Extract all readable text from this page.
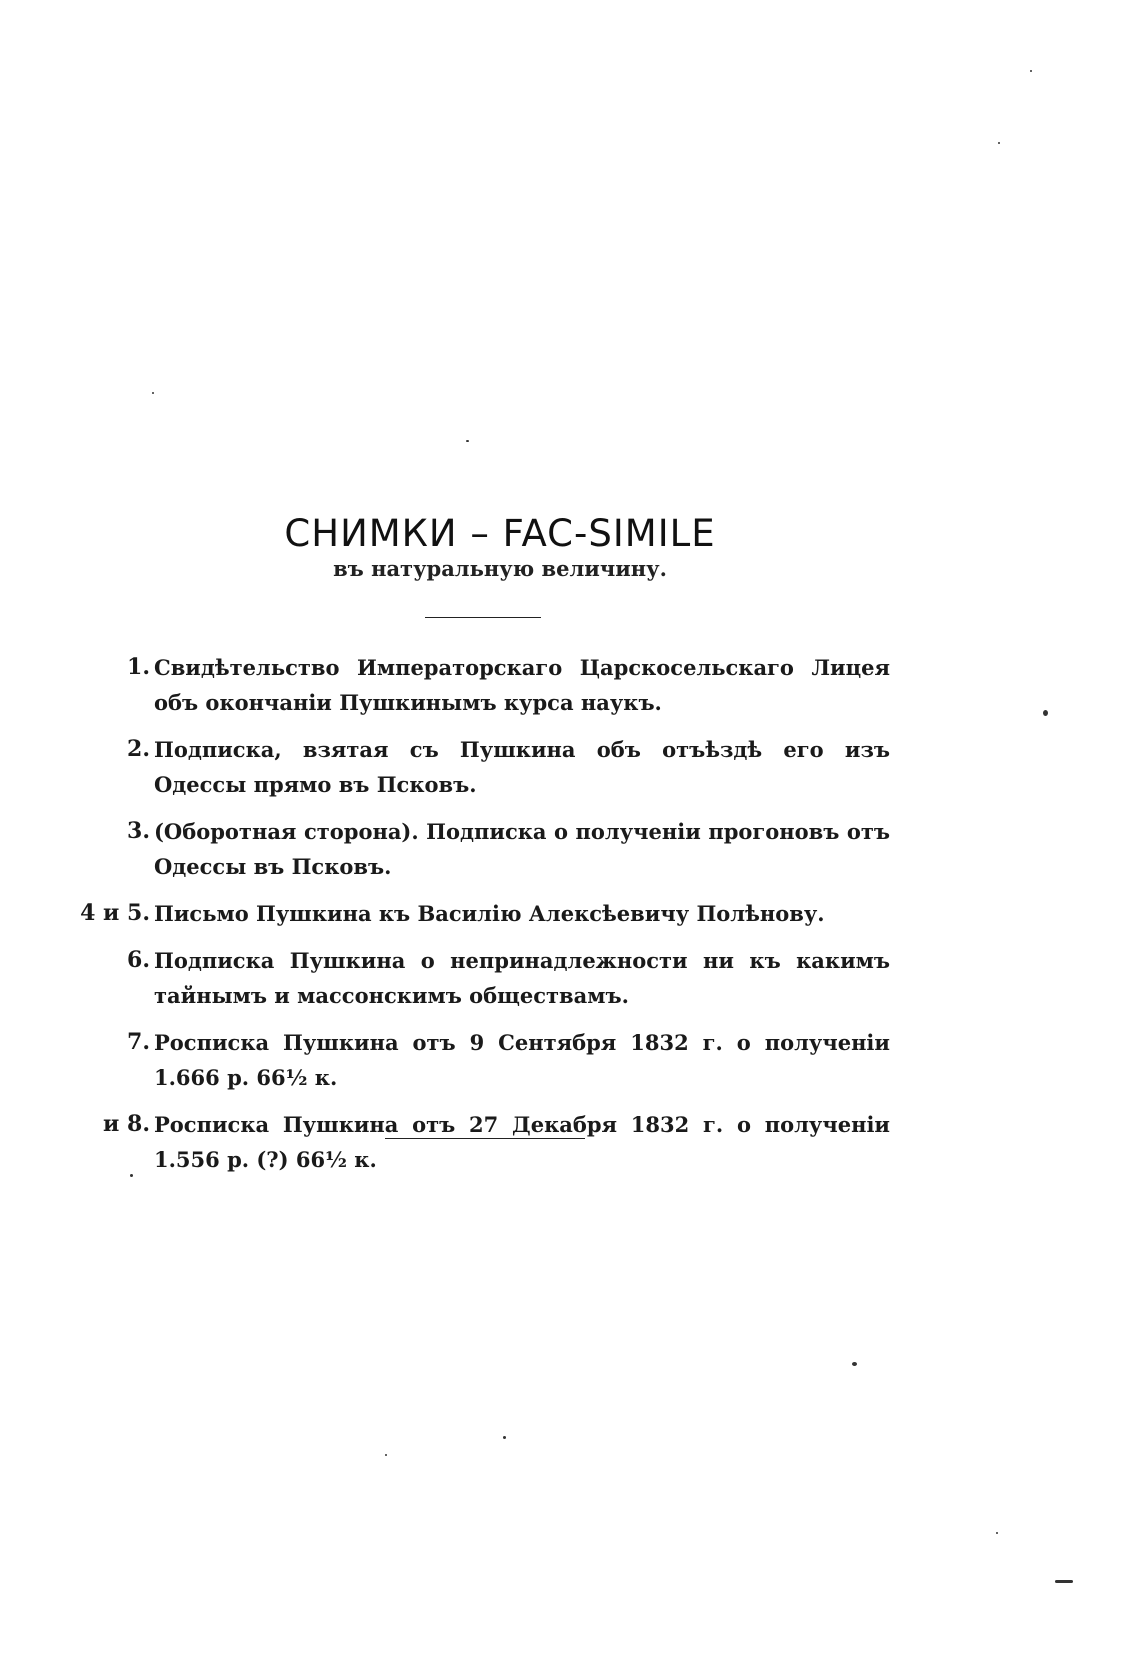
СНИМКИ – FAC-SIMILE
въ натуральную величину.
1. Свидѣтельство Императорскаго Царскосельскаго Лицея объ окончанiи Пушкинымъ курса наукъ.
2. Подписка, взятая съ Пушкина объ отъѣздѣ его изъ Одессы прямо въ Псковъ.
3. (Оборотная сторона). Подписка о полученiи прогоновъ отъ Одессы въ Псковъ.
4 и 5. Письмо Пушкина къ Василiю Алексѣевичу Полѣнову.
6. Подписка Пушкина о непринадлежности ни къ какимъ тайнымъ и массонскимъ обществамъ.
7. Росписка Пушкина отъ 9 Сентября 1832 г. о полученiи 1.666 р. 66½ к.
и 8. Росписка Пушкина отъ 27 Декабря 1832 г. о полученiи 1.556 р. (?) 66½ к.
